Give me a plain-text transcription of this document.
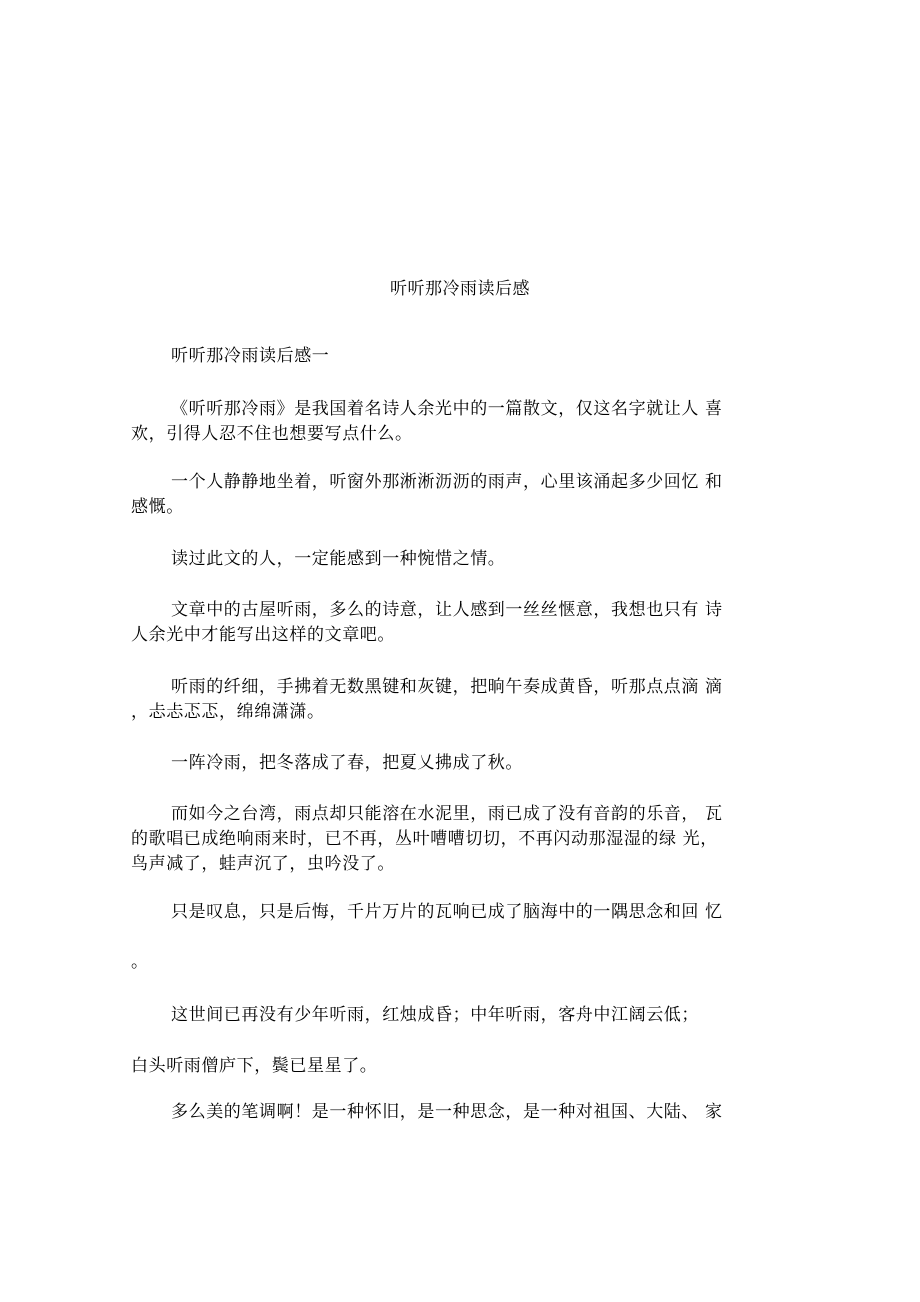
听听那冷雨读后感
听听那冷雨读后感一
《听听那冷雨》是我国着名诗人余光中的一篇散文，仅这名字就让人 喜
欢，引得人忍不住也想要写点什么。
一个人静静地坐着，听窗外那淅淅沥沥的雨声，心里该涌起多少回忆 和
感慨。
读过此文的人，一定能感到一种惋惜之情。
文章中的古屋听雨，多么的诗意，让人感到一丝丝惬意，我想也只有 诗
人余光中才能写出这样的文章吧。
听雨的纤细，手拂着无数黑键和灰键，把晌午奏成黄昏，听那点点滴 滴
，忐忐忑忑，绵绵潇潇。
一阵冷雨，把冬落成了春，把夏乂拂成了秋。
而如今之台湾，雨点却只能溶在水泥里，雨已成了没有音韵的乐音， 瓦
的歌唱已成绝响雨来时，已不再，丛叶嘈嘈切切，不再闪动那湿湿的绿 光，
鸟声减了，蛙声沉了，虫吟没了。
只是叹息，只是后悔，千片万片的瓦响已成了脑海中的一隅思念和回 忆
。
这世间已再没有少年听雨，红烛成昏；中年听雨，客舟中江阔云低；
白头听雨僧庐下，鬓已星星了。
多么美的笔调啊！是一种怀旧，是一种思念，是一种对祖国、大陆、 家
